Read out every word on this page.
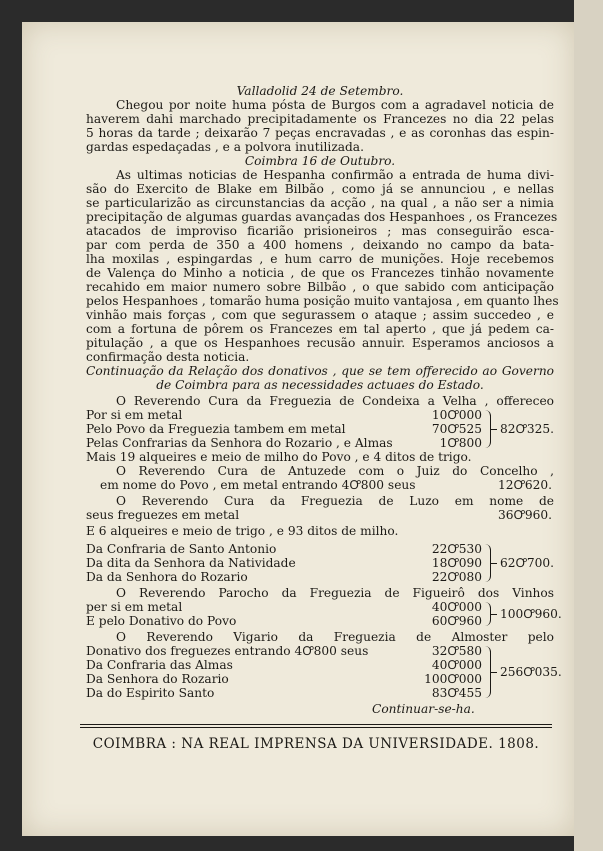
Valladolid 24 de Setembro.
Chegou por noite huma pósta de Burgos com a agradavel noticia de
haverem dahi marchado precipitadamente os Francezes no dia 22 pelas
5 horas da tarde ; deixarão 7 peças encravadas , e as coronhas das espin-
gardas espedaçadas , e a polvora inutilizada.
Coimbra 16 de Outubro.
As ultimas noticias de Hespanha confirmão a entrada de huma divi-
são do Exercito de Blake em Bilbão , como já se annunciou , e nellas
se particularizão as circunstancias da acção , na qual , a não ser a nimia
precipitação de algumas guardas avançadas dos Hespanhoes , os Francezes
atacados de improviso ficarião prisioneiros ; mas conseguirão esca-
par com perda de 350 a 400 homens , deixando no campo da bata-
lha moxilas , espingardas , e hum carro de munições. Hoje recebemos
de Valença do Minho a noticia , de que os Francezes tinhão novamente
recahido em maior numero sobre Bilbão , o que sabido com anticipação
pelos Hespanhoes , tomarão huma posição muito vantajosa , em quanto lhes
vinhão mais forças , com que segurassem o ataque ; assim succedeo , e
com a fortuna de pôrem os Francezes em tal aperto , que já pedem ca-
pitulação , a que os Hespanhoes recusão annuir. Esperamos anciosos a
confirmação desta noticia.
Continuação da Relação dos donativos , que se tem offerecido ao Governo
de Coimbra para as necessidades actuaes do Estado.
O Reverendo Cura da Freguezia de Condeixa a Velha , offereceo
Por si em metal	10Ꝍ000
Pelo Povo da Freguezia tambem em metal	70Ꝍ525
Pelas Confrarias da Senhora do Rozario , e Almas	1Ꝍ800
82Ꝍ325.
Mais 19 alqueires e meio de milho do Povo , e 4 ditos de trigo.
O Reverendo Cura de Antuzede com o Juiz do Concelho ,
em nome do Povo , em metal entrando 4Ꝍ800 seus	12Ꝍ620.
O Reverendo Cura da Freguezia de Luzo em nome de
seus freguezes em metal	36Ꝍ960.
E 6 alqueires e meio de trigo , e 93 ditos de milho.
Da Confraria de Santo Antonio	22Ꝍ530
Da dita da Senhora da Natividade	18Ꝍ090
Da da Senhora do Rozario	22Ꝍ080
62Ꝍ700.
O Reverendo Parocho da Freguezia de Figueirô dos Vinhos
per si em metal	40Ꝍ000
E pelo Donativo do Povo	60Ꝍ960 100Ꝍ960.
O Reverendo Vigario da Freguezia de Almoster pelo
Donativo dos freguezes entrando 4Ꝍ800 seus	32Ꝍ580
Da Confraria das Almas	40Ꝍ000
Da Senhora do Rozario	100Ꝍ000
Da do Espirito Santo	83Ꝍ455
256Ꝍ035.
Continuar-se-ha.
COIMBRA : NA REAL IMPRENSA DA UNIVERSIDADE. 1808.
